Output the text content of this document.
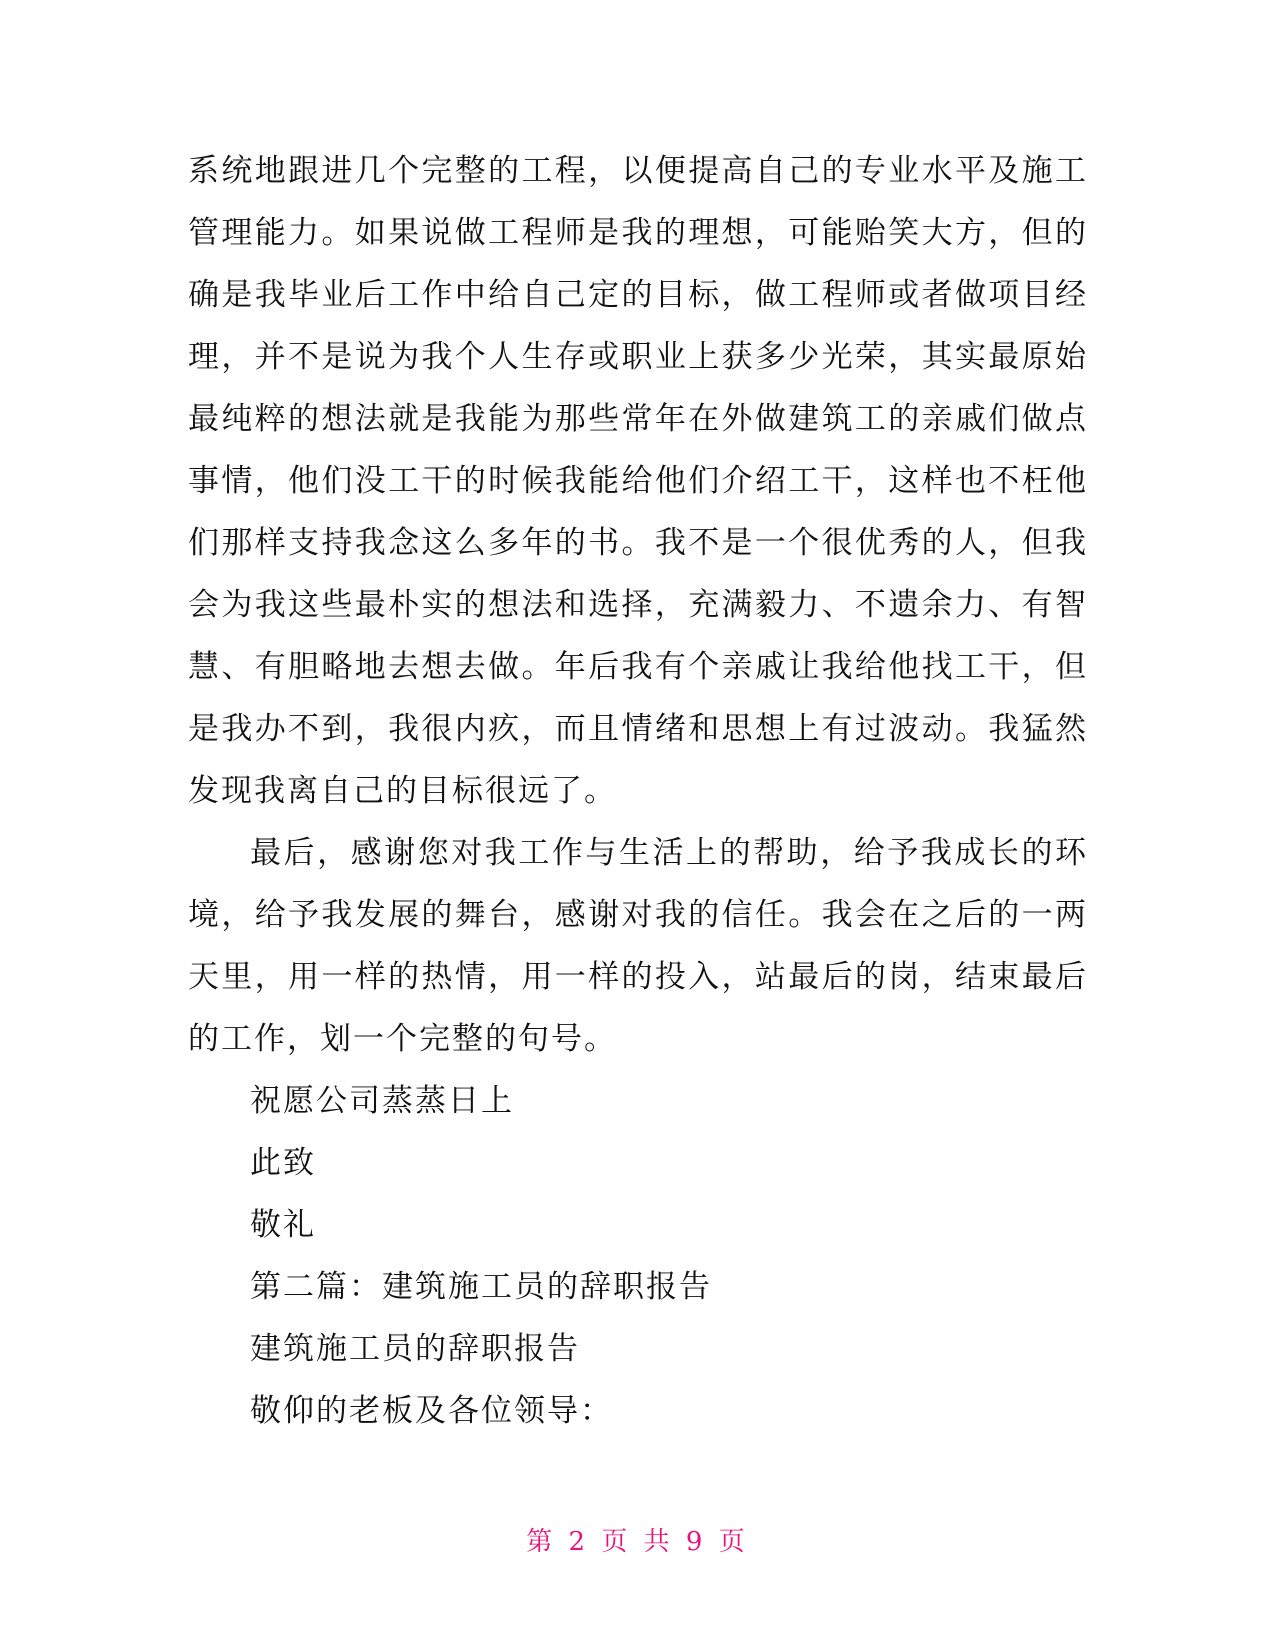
系统地跟进几个完整的工程，以便提高自己的专业水平及施工
管理能力。如果说做工程师是我的理想，可能贻笑大方，但的
确是我毕业后工作中给自己定的目标，做工程师或者做项目经
理，并不是说为我个人生存或职业上获多少光荣，其实最原始
最纯粹的想法就是我能为那些常年在外做建筑工的亲戚们做点
事情，他们没工干的时候我能给他们介绍工干，这样也不枉他
们那样支持我念这么多年的书。我不是一个很优秀的人，但我
会为我这些最朴实的想法和选择，充满毅力、不遗余力、有智
慧、有胆略地去想去做。年后我有个亲戚让我给他找工干，但
是我办不到，我很内疚，而且情绪和思想上有过波动。我猛然
发现我离自己的目标很远了。
最后，感谢您对我工作与生活上的帮助，给予我成长的环
境，给予我发展的舞台，感谢对我的信任。我会在之后的一两
天里，用一样的热情，用一样的投入，站最后的岗，结束最后
的工作，划一个完整的句号。
祝愿公司蒸蒸日上
此致
敬礼
第二篇：建筑施工员的辞职报告
建筑施工员的辞职报告
敬仰的老板及各位领导：
第 2 页 共 9 页
